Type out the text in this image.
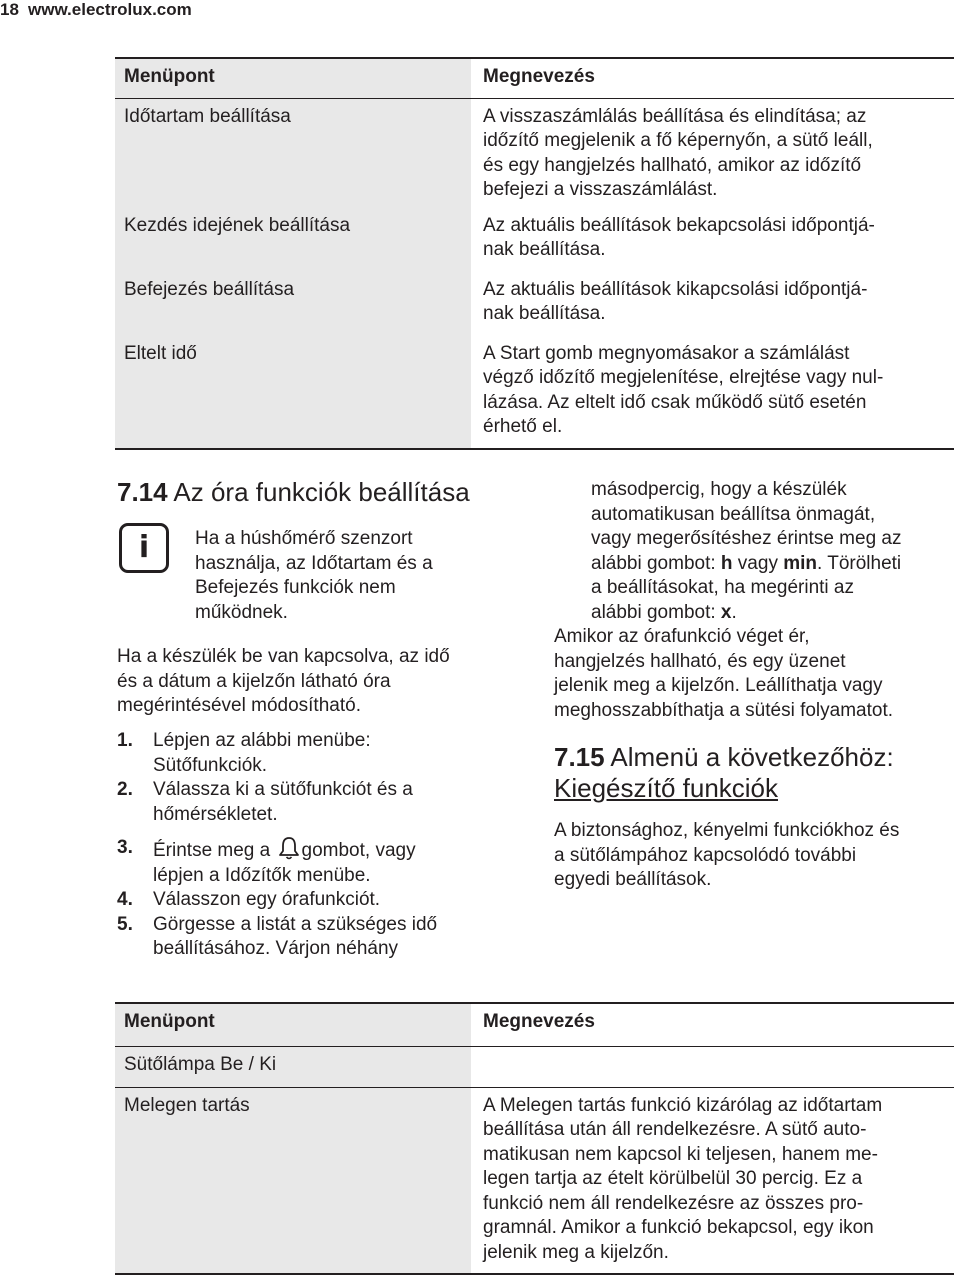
18 www.electrolux.com
Menüpont	Megnevezés
Időtartam beállítása	A visszaszámlálás beállítása és elindítása; az
időzítő megjelenik a fő képernyőn, a sütő leáll,
és egy hangjelzés hallható, amikor az időzítő
befejezi a visszaszámlálást.
Kezdés idejének beállítása	Az aktuális beállítások bekapcsolási időpontjá-
nak beállítása.
Befejezés beállítása	Az aktuális beállítások kikapcsolási időpontjá-
nak beállítása.
Eltelt idő	A Start gomb megnyomásakor a számlálást
végző időzítő megjelenítése, elrejtése vagy nul-
lázása. Az eltelt idő csak működő sütő esetén
érhető el.
7.14 Az óra funkciók beállítása
i	Ha a húshőmérő szenzort
használja, az Időtartam és a
Befejezés funkciók nem
működnek.
Ha a készülék be van kapcsolva, az idő
és a dátum a kijelzőn látható óra
megérintésével módosítható.
1.	Lépjen az alábbi menübe:
Sütőfunkciók.
2.	Válassza ki a sütőfunkciót és a
hőmérsékletet.
3.	Érintse meg a gombot, vagy
lépjen a Időzítők menübe.
4.	Válasszon egy órafunkciót.
5.	Görgesse a listát a szükséges idő
beállításához. Várjon néhány
másodpercig, hogy a készülék
automatikusan beállítsa önmagát,
vagy megerősítéshez érintse meg az
alábbi gombot: h vagy min. Törölheti
a beállításokat, ha megérinti az
alábbi gombot: x.
Amikor az órafunkció véget ér,
hangjelzés hallható, és egy üzenet
jelenik meg a kijelzőn. Leállíthatja vagy
meghosszabbíthatja a sütési folyamatot.
7.15 Almenü a következőhöz:
Kiegészítő funkciók
A biztonsághoz, kényelmi funkciókhoz és
a sütőlámpához kapcsolódó további
egyedi beállítások.
Menüpont	Megnevezés
Sütőlámpa Be / Ki
Melegen tartás	A Melegen tartás funkció kizárólag az időtartam
beállítása után áll rendelkezésre. A sütő auto-
matikusan nem kapcsol ki teljesen, hanem me-
legen tartja az ételt körülbelül 30 percig. Ez a
funkció nem áll rendelkezésre az összes pro-
gramnál. Amikor a funkció bekapcsol, egy ikon
jelenik meg a kijelzőn.
